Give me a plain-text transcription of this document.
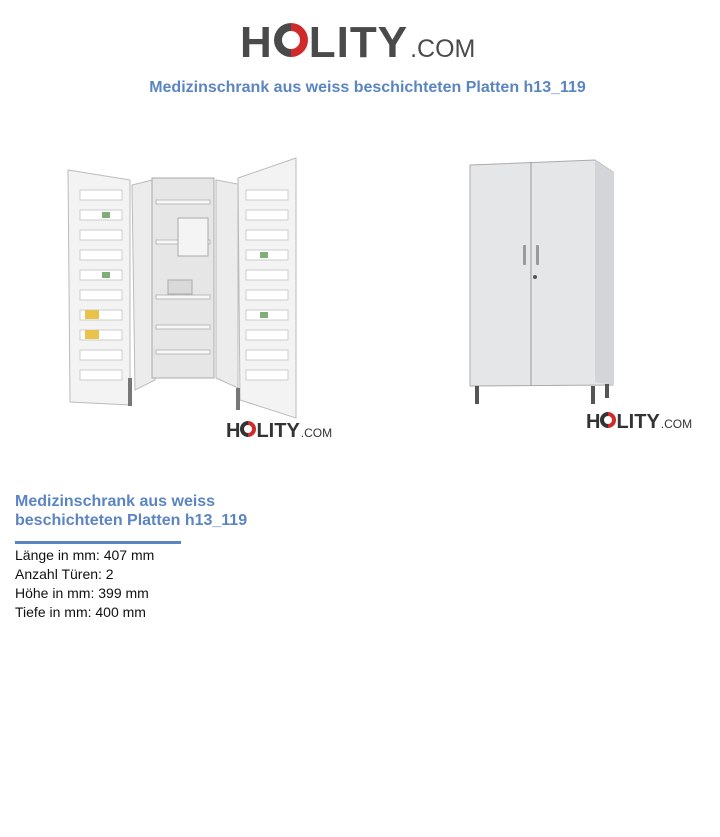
H LITY .COM
Medizinschrank aus weiss beschichteten Platten h13_119
H LITY .COM	H LITY .COM
Medizinschrank aus weiss beschichteten Platten h13_119
Länge in mm: 407 mm
Anzahl Türen: 2
Höhe in mm: 399 mm
Tiefe in mm: 400 mm
